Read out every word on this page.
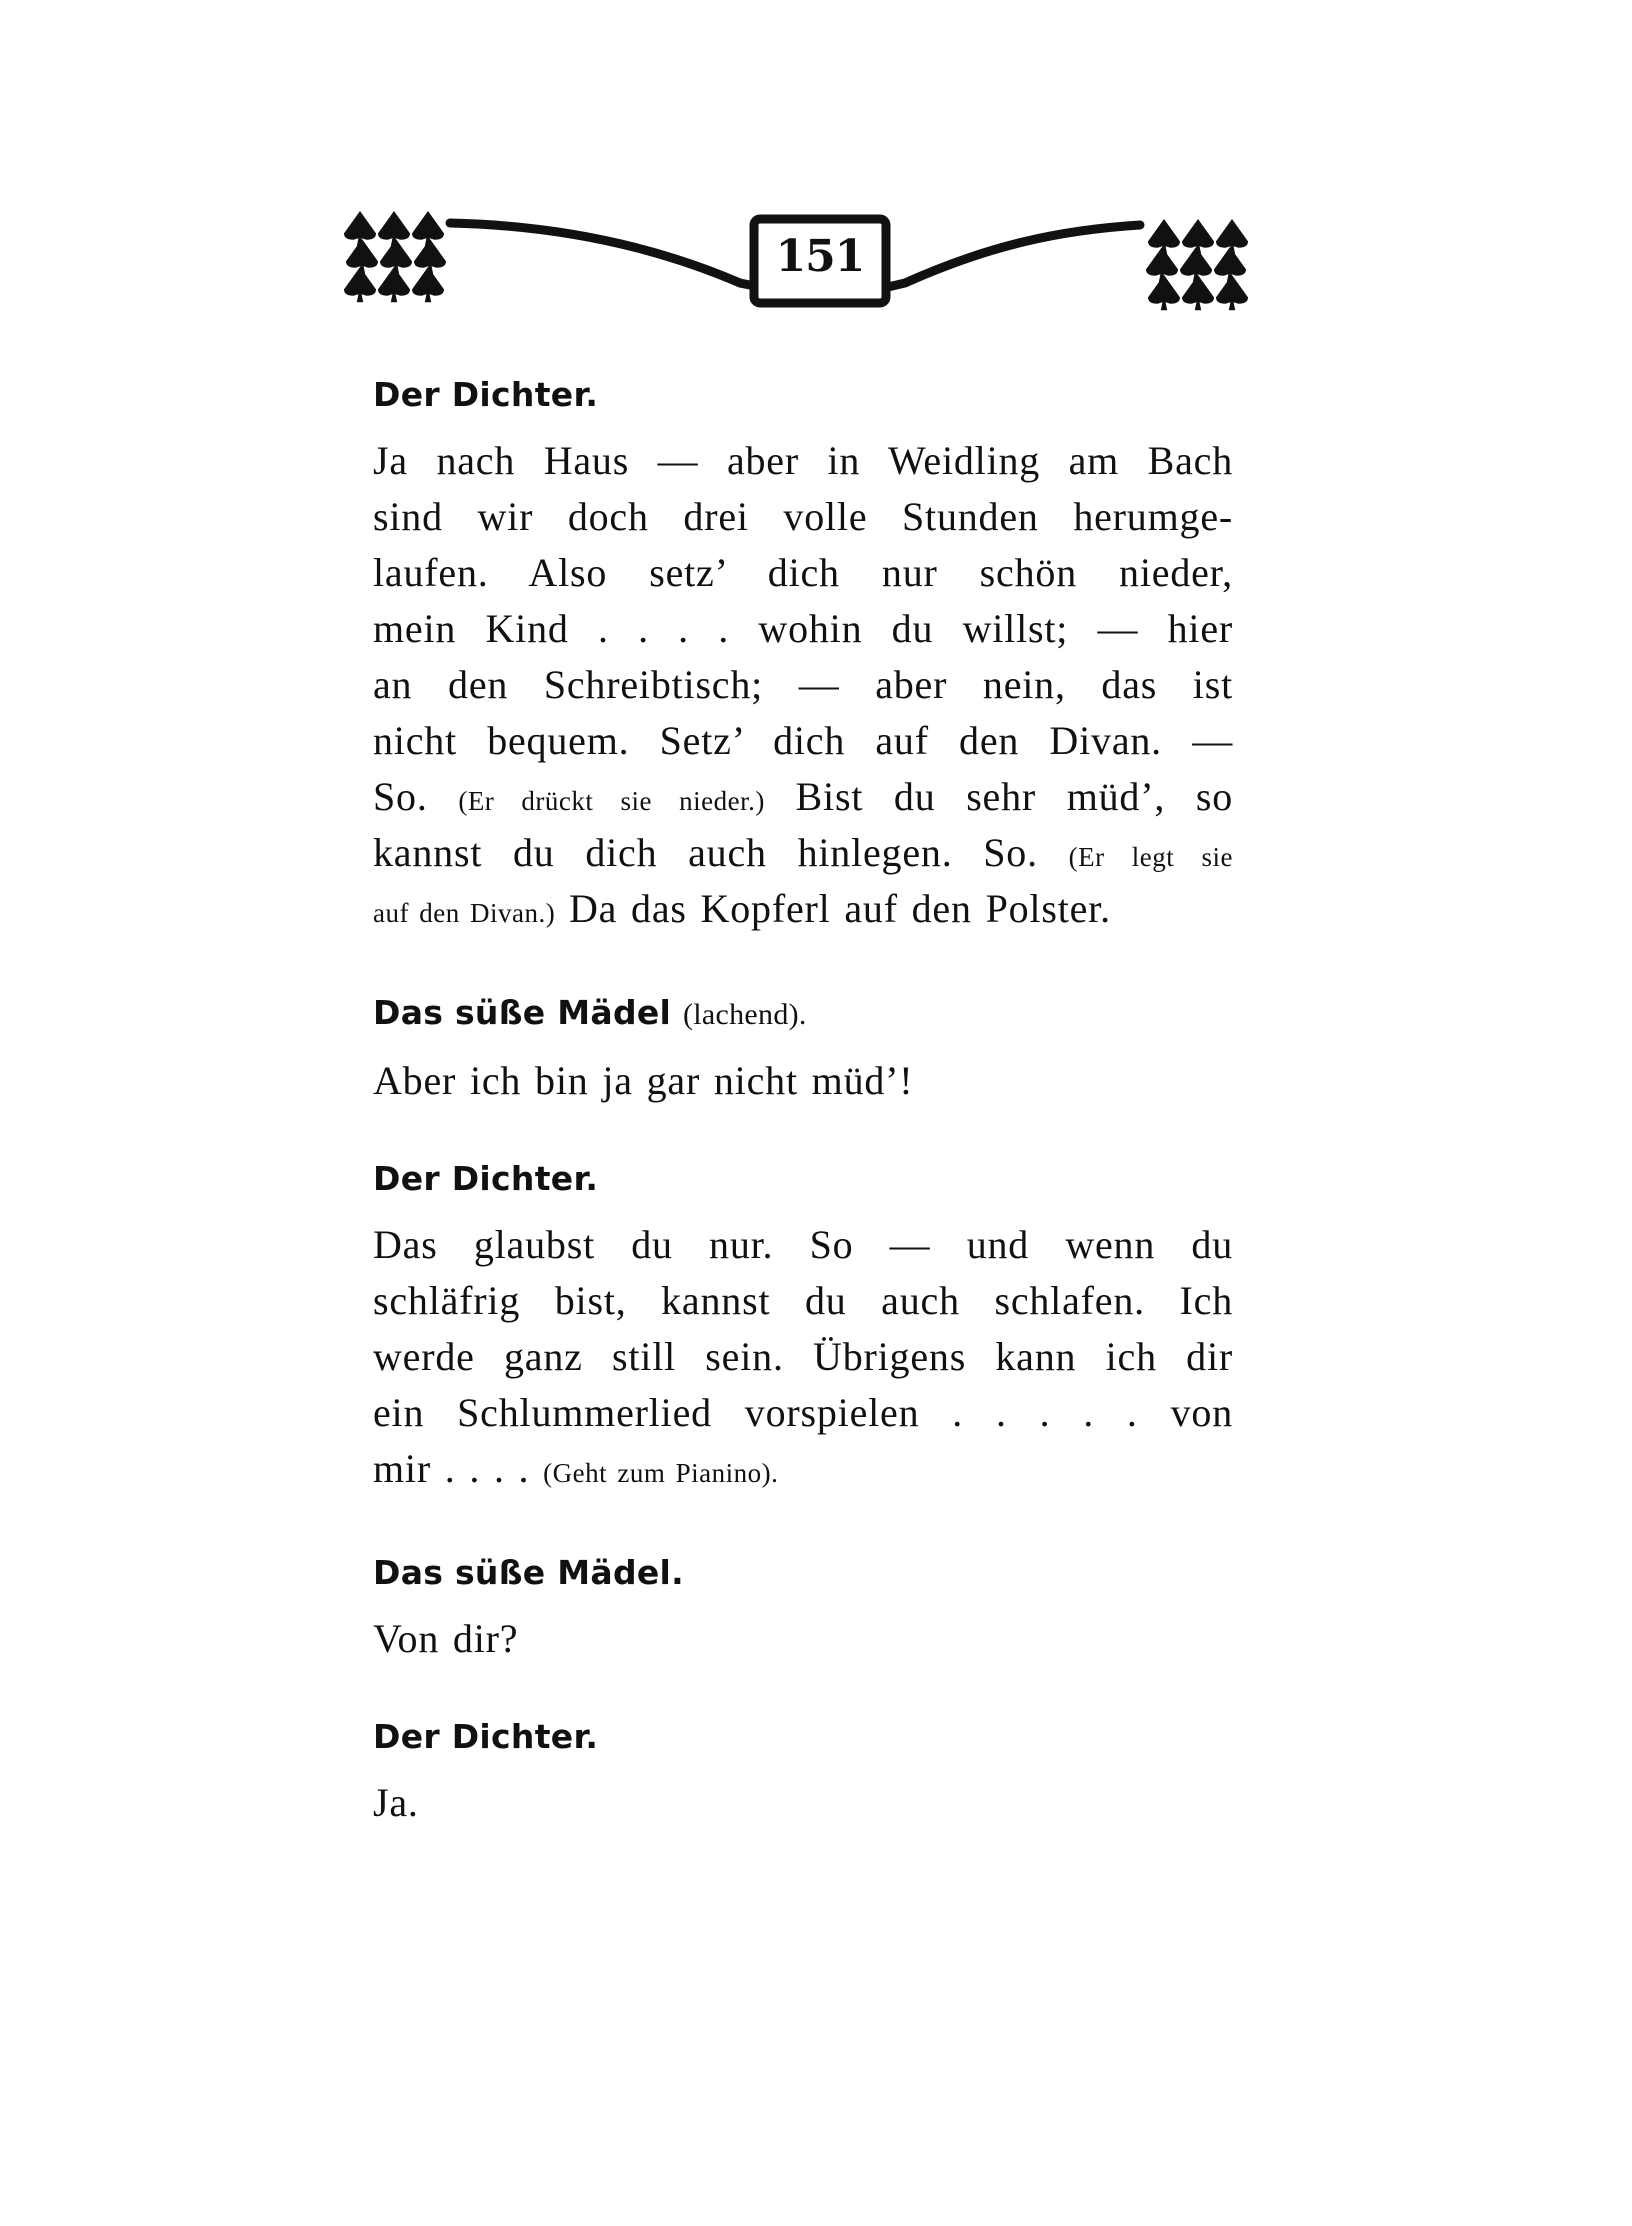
151
Der Dichter.
Ja nach Haus — aber in Weidling am Bach
sind wir doch drei volle Stunden herumge-
laufen. Also setz’ dich nur schön nieder,
mein Kind . . . . wohin du willst; — hier
an den Schreibtisch; — aber nein, das ist
nicht bequem. Setz’ dich auf den Divan. —
So. (Er drückt sie nieder.) Bist du sehr müd’, so
kannst du dich auch hinlegen. So. (Er legt sie
auf den Divan.) Da das Kopferl auf den Polster.
Das süße Mädel (lachend).
Aber ich bin ja gar nicht müd’!
Der Dichter.
Das glaubst du nur. So — und wenn du
schläfrig bist, kannst du auch schlafen. Ich
werde ganz still sein. Übrigens kann ich dir
ein Schlummerlied vorspielen . . . . . von
mir . . . . (Geht zum Pianino).
Das süße Mädel.
Von dir?
Der Dichter.
Ja.
